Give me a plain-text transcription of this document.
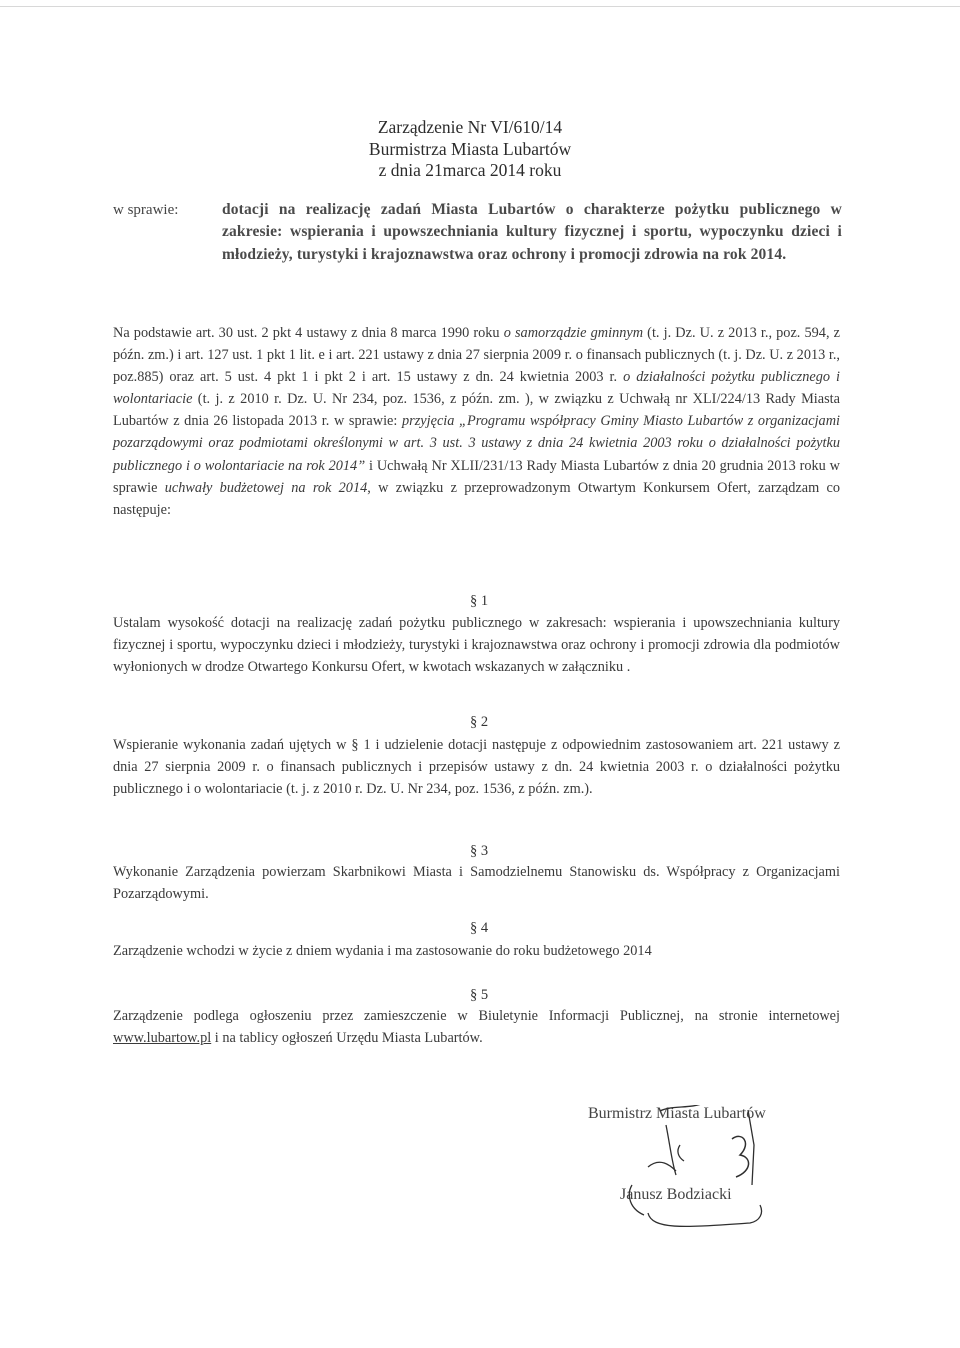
Zarządzenie Nr VI/610/14
Burmistrza Miasta Lubartów
z dnia 21marca 2014 roku
w sprawie:	dotacji na realizację zadań Miasta Lubartów o charakterze pożytku publicznego w zakresie: wspierania i upowszechniania kultury fizycznej i sportu, wypoczynku dzieci i młodzieży, turystyki i krajoznawstwa oraz ochrony i promocji zdrowia na rok 2014.
Na podstawie art. 30 ust. 2 pkt 4 ustawy z dnia 8 marca 1990 roku o samorządzie gminnym (t. j. Dz. U. z 2013 r., poz. 594, z późn. zm.) i art. 127 ust. 1 pkt 1 lit. e i art. 221 ustawy z dnia 27 sierpnia 2009 r. o finansach publicznych (t. j. Dz. U. z 2013 r., poz.885) oraz art. 5 ust. 4 pkt 1 i pkt 2 i art. 15 ustawy z dn. 24 kwietnia 2003 r. o działalności pożytku publicznego i wolontariacie (t. j. z 2010 r. Dz. U. Nr 234, poz. 1536, z późn. zm. ), w związku z Uchwałą nr XLI/224/13 Rady Miasta Lubartów z dnia 26 listopada 2013 r. w sprawie: przyjęcia „Programu współpracy Gminy Miasto Lubartów z organizacjami pozarządowymi oraz podmiotami określonymi w art. 3 ust. 3 ustawy z dnia 24 kwietnia 2003 roku o działalności pożytku publicznego i o wolontariacie na rok 2014” i Uchwałą Nr XLII/231/13 Rady Miasta Lubartów z dnia 20 grudnia 2013 roku w sprawie uchwały budżetowej na rok 2014, w związku z przeprowadzonym Otwartym Konkursem Ofert, zarządzam co następuje:
§ 1
Ustalam wysokość dotacji na realizację zadań pożytku publicznego w zakresach: wspierania i upowszechniania kultury fizycznej i sportu, wypoczynku dzieci i młodzieży, turystyki i krajoznawstwa oraz ochrony i promocji zdrowia dla podmiotów wyłonionych w drodze Otwartego Konkursu Ofert, w kwotach wskazanych w załączniku .
§ 2
Wspieranie wykonania zadań ujętych w § 1 i udzielenie dotacji następuje z odpowiednim zastosowaniem art. 221 ustawy z dnia 27 sierpnia 2009 r. o finansach publicznych i przepisów ustawy z dn. 24 kwietnia 2003 r. o działalności pożytku publicznego i o wolontariacie (t. j. z 2010 r. Dz. U. Nr 234, poz. 1536, z późn. zm.).
§ 3
Wykonanie Zarządzenia powierzam Skarbnikowi Miasta i Samodzielnemu Stanowisku ds. Współpracy z Organizacjami Pozarządowymi.
§ 4
Zarządzenie wchodzi w życie z dniem wydania i ma zastosowanie do roku budżetowego 2014
§ 5
Zarządzenie podlega ogłoszeniu przez zamieszczenie w Biuletynie Informacji Publicznej, na stronie internetowej www.lubartow.pl i na tablicy ogłoszeń Urzędu Miasta Lubartów.
Burmistrz Miasta Lubartów
Janusz Bodziacki
